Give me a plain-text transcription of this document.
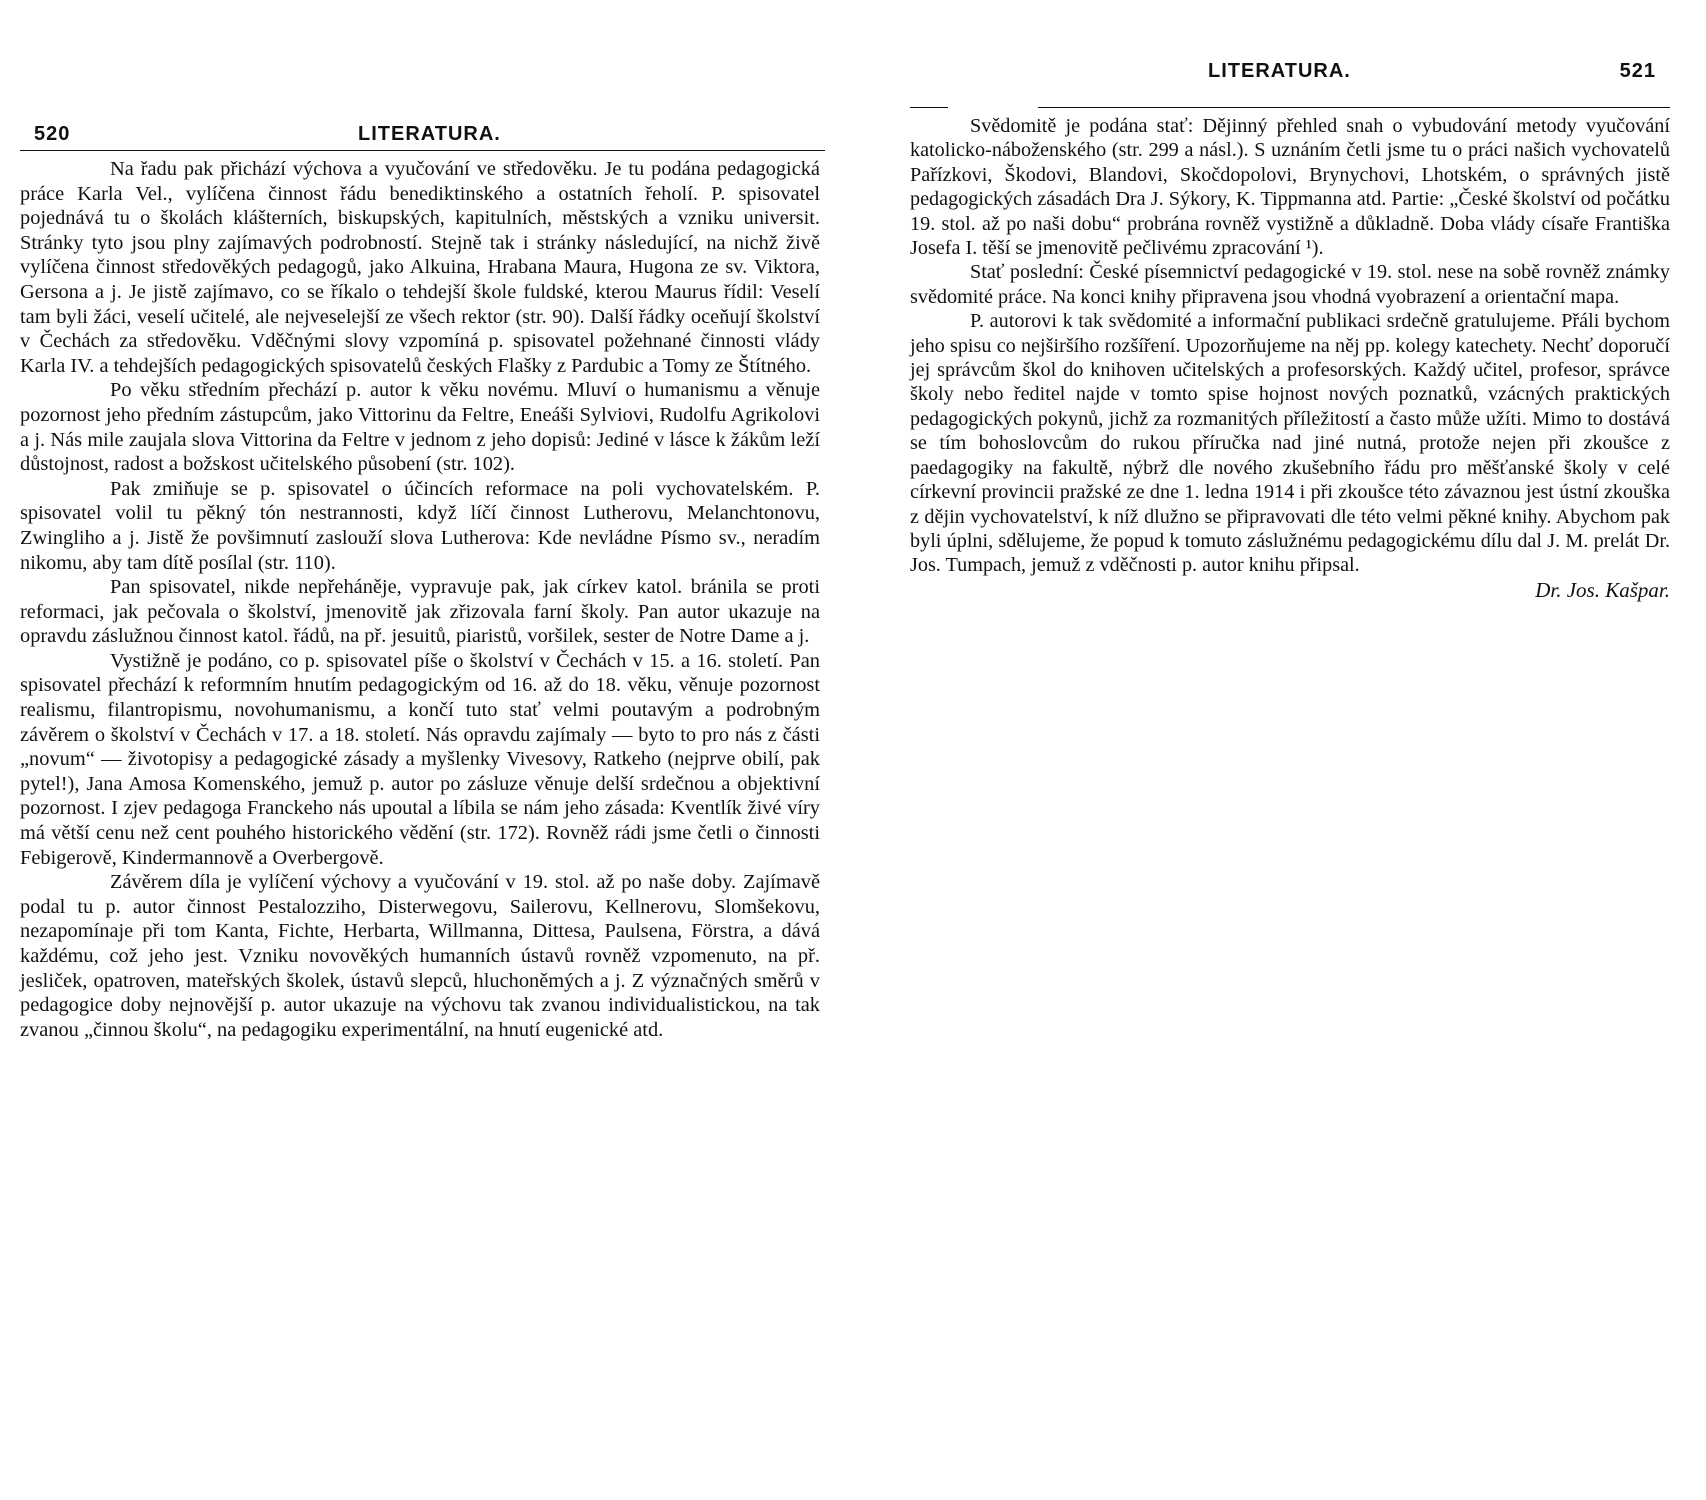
520	LITERATURA.

Na řadu pak přichází výchova a vyučování ve středověku. Je tu podána pedagogická práce Karla Vel., vylíčena činnost řádu benediktinského a ostatních řeholí. P. spisovatel pojednává tu o školách klášterních, biskupských, kapitulních, městských a vzniku universit. Stránky tyto jsou plny zajímavých podrobností. Stejně tak i stránky následující, na nichž živě vylíčena činnost středověkých pedagogů, jako Alkuina, Hrabana Maura, Hugona ze sv. Viktora, Gersona a j. Je jistě zajímavo, co se říkalo o tehdejší škole fuldské, kterou Maurus řídil: Veselí tam byli žáci, veselí učitelé, ale nejveselejší ze všech rektor (str. 90). Další řádky oceňují školství v Čechách za středověku. Vděčnými slovy vzpomíná p. spisovatel požehnané činnosti vlády Karla IV. a tehdejších pedagogických spisovatelů českých Flašky z Pardubic a Tomy ze Štítného.

Po věku středním přechází p. autor k věku novému. Mluví o humanismu a věnuje pozornost jeho předním zástupcům, jako Vittorinu da Feltre, Eneáši Sylviovi, Rudolfu Agrikolovi a j. Nás mile zaujala slova Vittorina da Feltre v jednom z jeho dopisů: Jediné v lásce k žákům leží důstojnost, radost a božskost učitelského působení (str. 102).

Pak zmiňuje se p. spisovatel o účincích reformace na poli vychovatelském. P. spisovatel volil tu pěkný tón nestrannosti, když líčí činnost Lutherovu, Melanchtonovu, Zwingliho a j. Jistě že povšimnutí zaslouží slova Lutherova: Kde nevládne Písmo sv., neradím nikomu, aby tam dítě posílal (str. 110).

Pan spisovatel, nikde nepřeháněje, vypravuje pak, jak církev katol. bránila se proti reformaci, jak pečovala o školství, jmenovitě jak zřizovala farní školy. Pan autor ukazuje na opravdu záslužnou činnost katol. řádů, na př. jesuitů, piaristů, voršilek, sester de Notre Dame a j.

Vystižně je podáno, co p. spisovatel píše o školství v Čechách v 15. a 16. století. Pan spisovatel přechází k reformním hnutím pedagogickým od 16. až do 18. věku, věnuje pozornost realismu, filantropismu, novohumanismu, a končí tuto stať velmi poutavým a podrobným závěrem o školství v Čechách v 17. a 18. století. Nás opravdu zajímaly — byto to pro nás z části „novum“ — životopisy a pedagogické zásady a myšlenky Vivesovy, Ratkeho (nejprve obilí, pak pytel!), Jana Amosa Komenského, jemuž p. autor po zásluze věnuje delší srdečnou a objektivní pozornost. I zjev pedagoga Franckeho nás upoutal a líbila se nám jeho zásada: Kventlík živé víry má větší cenu než cent pouhého historického vědění (str. 172). Rovněž rádi jsme četli o činnosti Febigerově, Kindermannově a Overbergově.

Závěrem díla je vylíčení výchovy a vyučování v 19. stol. až po naše doby. Zajímavě podal tu p. autor činnost Pestalozziho, Disterwegovu, Sailerovu, Kellnerovu, Slomšekovu, nezapomínaje při tom Kanta, Fichte, Herbarta, Willmanna, Dittesa, Paulsena, Förstra, a dává každému, což jeho jest. Vzniku novověkých humanních ústavů rovněž vzpomenuto, na př. jesliček, opatroven, mateřských školek, ústavů slepců, hluchoněmých a j. Z význačných směrů v pedagogice doby nejnovější p. autor ukazuje na výchovu tak zvanou individualistickou, na tak zvanou „činnou školu“, na pedagogiku experimentální, na hnutí eugenické atd.

LITERATURA.	521

Svědomitě je podána stať: Dějinný přehled snah o vybudování metody vyučování katolicko-náboženského (str. 299 a násl.). S uznáním četli jsme tu o práci našich vychovatelů Pařízkovi, Škodovi, Blandovi, Skočdopolovi, Brynychovi, Lhotském, o správných jistě pedagogických zásadách Dra J. Sýkory, K. Tippmanna atd. Partie: „České školství od počátku 19. stol. až po naši dobu“ probrána rovněž vystižně a důkladně. Doba vlády císaře Františka Josefa I. těší se jmenovitě pečlivému zpracování ¹).

Stať poslední: České písemnictví pedagogické v 19. stol. nese na sobě rovněž známky svědomité práce. Na konci knihy připravena jsou vhodná vyobrazení a orientační mapa.

P. autorovi k tak svědomité a informační publikaci srdečně gratulujeme. Přáli bychom jeho spisu co nejširšího rozšíření. Upozorňujeme na něj pp. kolegy katechety. Nechť doporučí jej správcům škol do knihoven učitelských a profesorských. Každý učitel, profesor, správce školy nebo ředitel najde v tomto spise hojnost nových poznatků, vzácných praktických pedagogických pokynů, jichž za rozmanitých příležitostí a často může užíti. Mimo to dostává se tím bohoslovcům do rukou příručka nad jiné nutná, protože nejen při zkoušce z paedagogiky na fakultě, nýbrž dle nového zkušebního řádu pro měšťanské školy v celé církevní provincii pražské ze dne 1. ledna 1914 i při zkoušce této závaznou jest ústní zkouška z dějin vychovatelství, k níž dlužno se připravovati dle této velmi pěkné knihy. Abychom pak byli úplni, sdělujeme, že popud k tomuto záslužnému pedagogickému dílu dal J. M. prelát Dr. Jos. Tumpach, jemuž z vděčnosti p. autor knihu připsal.

Dr. Jos. Kašpar.
